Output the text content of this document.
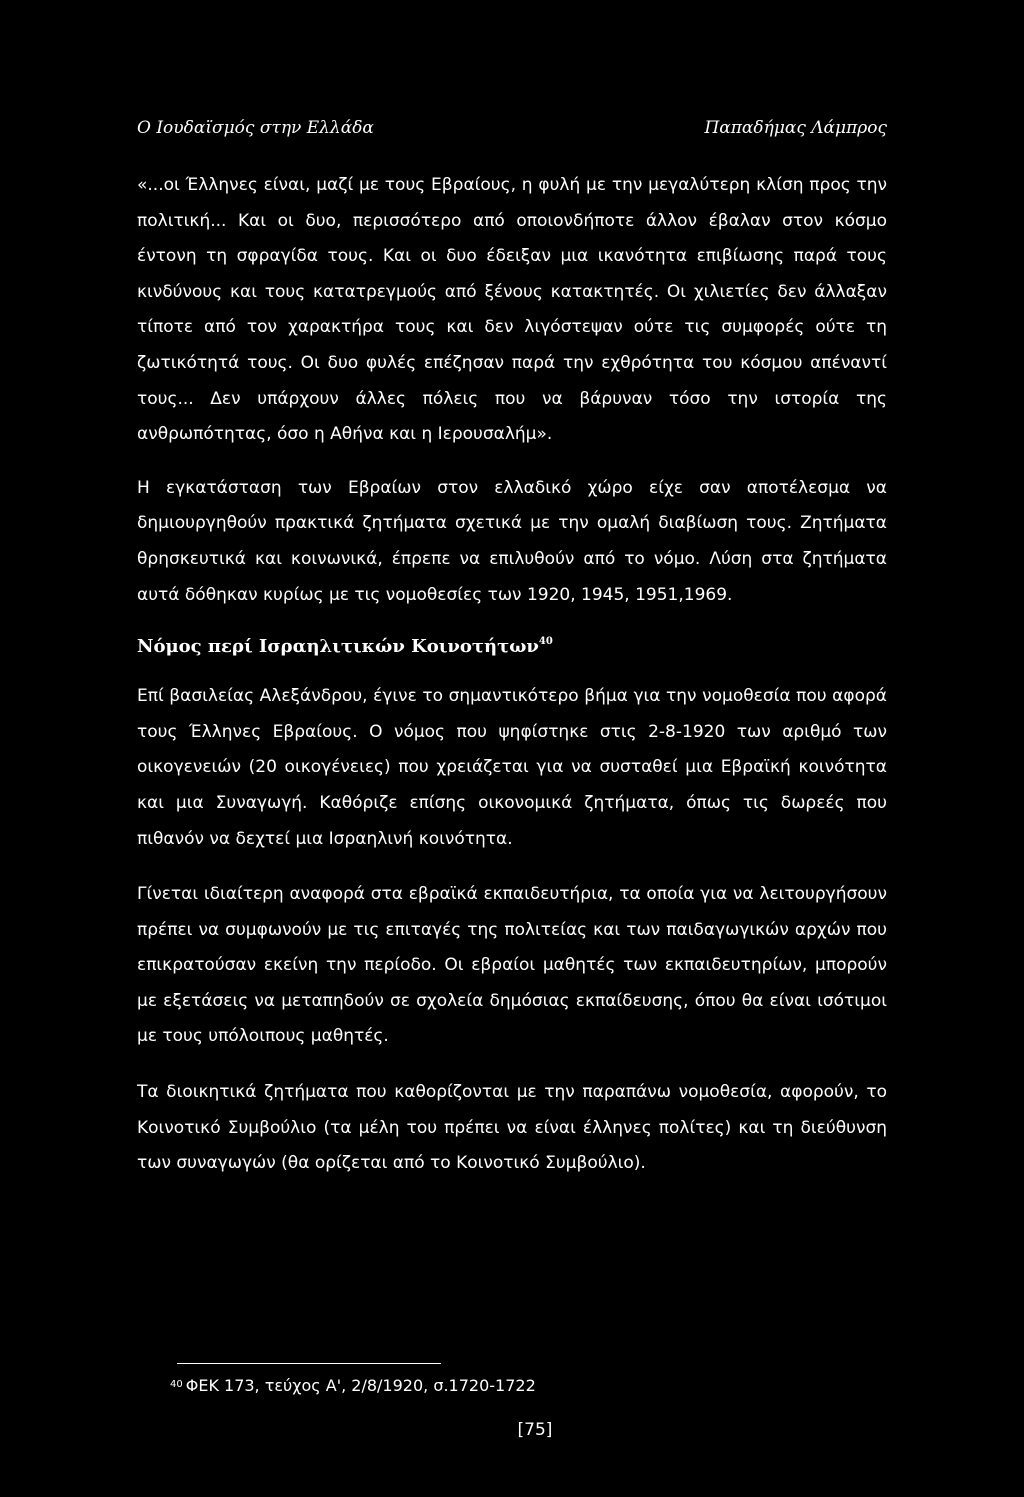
Ο Ιουδαϊσμός στην Ελλάδα	Παπαδήμας Λάμπρος

«...οι Έλληνες είναι, μαζί με τους Εβραίους, η φυλή με την μεγαλύτερη κλίση προς την πολιτική... Και οι δυο, περισσότερο από οποιονδήποτε άλλον έβαλαν στον κόσμο έντονη τη σφραγίδα τους. Και οι δυο έδειξαν μια ικανότητα επιβίωσης παρά τους κινδύνους και τους κατατρεγμούς από ξένους κατακτητές. Οι χιλιετίες δεν άλλαξαν τίποτε από τον χαρακτήρα τους και δεν λιγόστεψαν ούτε τις συμφορές ούτε τη ζωτικότητά τους. Οι δυο φυλές επέζησαν παρά την εχθρότητα του κόσμου απέναντί τους... Δεν υπάρχουν άλλες πόλεις που να βάρυναν τόσο την ιστορία της ανθρωπότητας, όσο η Αθήνα και η Ιερουσαλήμ».

Η εγκατάσταση των Εβραίων στον ελλαδικό χώρο είχε σαν αποτέλεσμα να δημιουργηθούν πρακτικά ζητήματα σχετικά με την ομαλή διαβίωση τους. Ζητήματα θρησκευτικά και κοινωνικά, έπρεπε να επιλυθούν από το νόμο. Λύση στα ζητήματα αυτά δόθηκαν κυρίως με τις νομοθεσίες των 1920, 1945, 1951,1969.

Νόμος περί Ισραηλιτικών Κοινοτήτων$^{40}$

Επί βασιλείας Αλεξάνδρου, έγινε το σημαντικότερο βήμα για την νομοθεσία που αφορά τους Έλληνες Εβραίους. Ο νόμος που ψηφίστηκε στις 2-8-1920 των αριθμό των οικογενειών (20 οικογένειες) που χρειάζεται για να συσταθεί μια Εβραϊκή κοινότητα και μια Συναγωγή. Καθόριζε επίσης οικονομικά ζητήματα, όπως τις δωρεές που πιθανόν να δεχτεί μια Ισραηλινή κοινότητα.

Γίνεται ιδιαίτερη αναφορά στα εβραϊκά εκπαιδευτήρια, τα οποία για να λειτουργήσουν πρέπει να συμφωνούν με τις επιταγές της πολιτείας και των παιδαγωγικών αρχών που επικρατούσαν εκείνη την περίοδο. Οι εβραίοι μαθητές των εκπαιδευτηρίων, μπορούν με εξετάσεις να μεταπηδούν σε σχολεία δημόσιας εκπαίδευσης, όπου θα είναι ισότιμοι με τους υπόλοιπους μαθητές.

Τα διοικητικά ζητήματα που καθορίζονται με την παραπάνω νομοθεσία, αφορούν, το Κοινοτικό Συμβούλιο (τα μέλη του πρέπει να είναι έλληνες πολίτες) και τη διεύθυνση των συναγωγών (θα ορίζεται από το Κοινοτικό Συμβούλιο).

$^{40}$ ΦΕΚ 173, τεύχος Α', 2/8/1920, σ.1720-1722
[75]
